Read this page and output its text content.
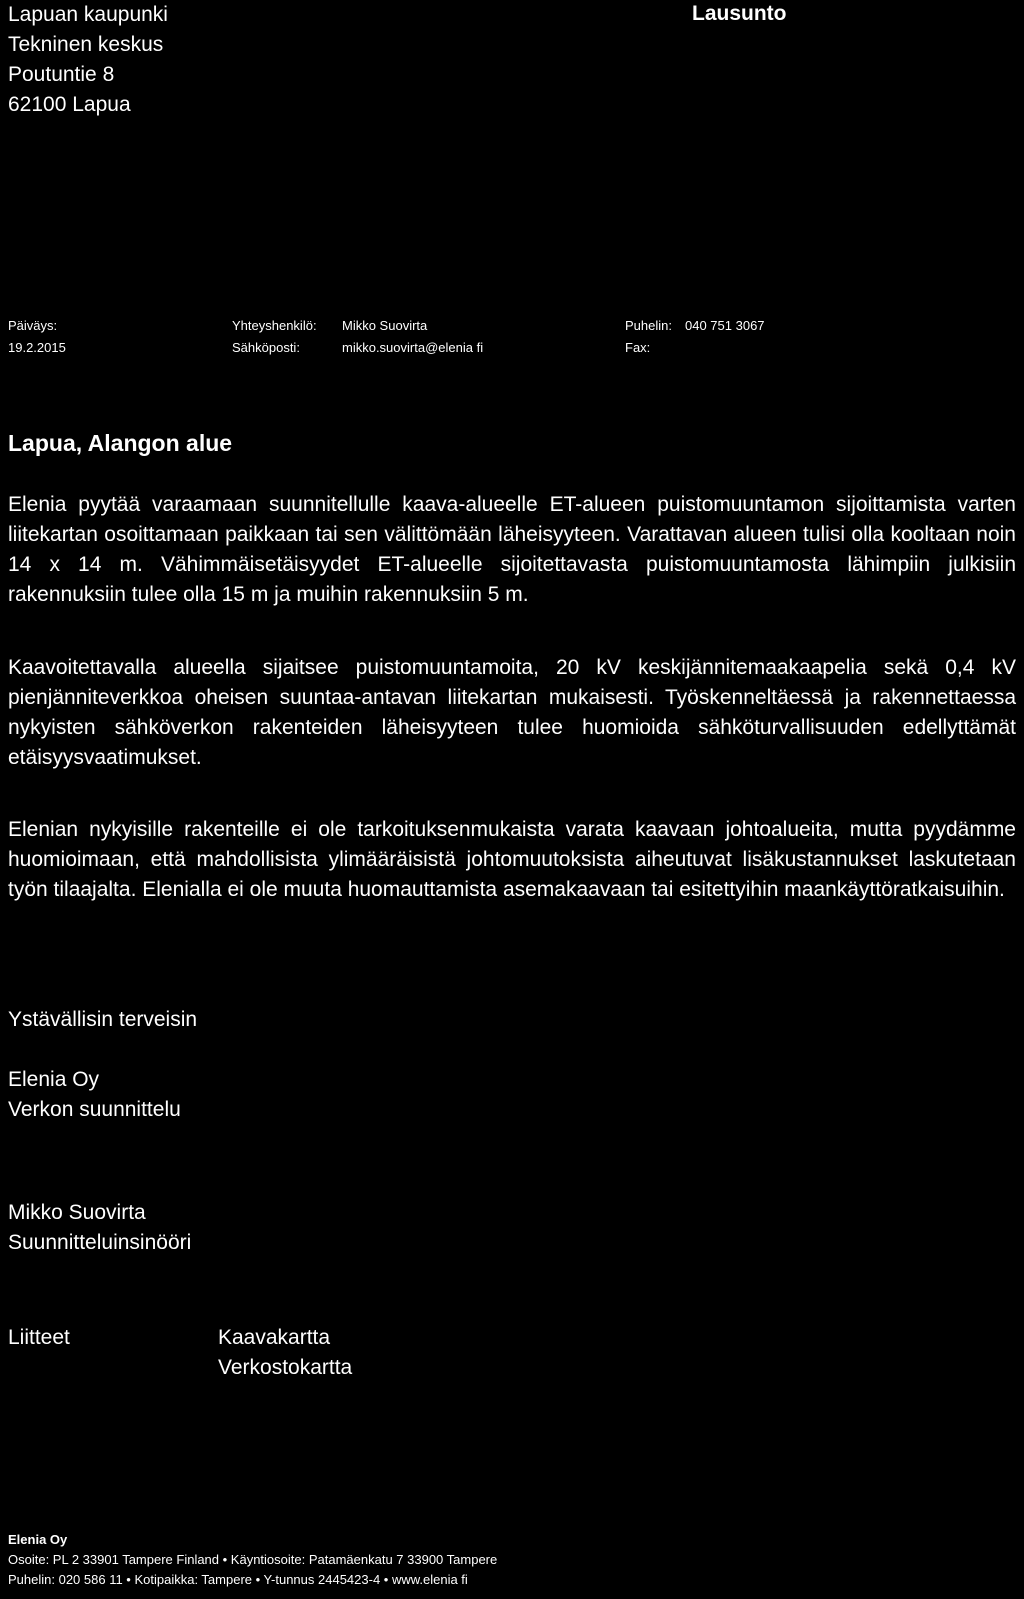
Lapuan kaupunki
Tekninen keskus
Poutuntie 8
62100 Lapua
Lausunto
Päiväys:
19.2.2015
Yhteyshenkilö:
Sähköposti:
Mikko Suovirta
mikko.suovirta@elenia fi
Puhelin:
Fax:
040 751 3067
Lapua, Alangon alue

Elenia pyytää varaamaan suunnitellulle kaava-alueelle ET-alueen puistomuuntamon sijoittamista varten liitekartan osoittamaan paikkaan tai sen välittömään läheisyyteen. Varattavan alueen tulisi olla kooltaan noin 14 x 14 m. Vähimmäisetäisyydet ET-alueelle sijoitettavasta puistomuuntamosta lähimpiin julkisiin rakennuksiin tulee olla 15 m ja muihin rakennuksiin 5 m.

Kaavoitettavalla alueella sijaitsee puistomuuntamoita, 20 kV keskijännitemaakaapelia sekä 0,4 kV pienjänniteverkkoa oheisen suuntaa-antavan liitekartan mukaisesti. Työskenneltäessä ja rakennettaessa nykyisten sähköverkon rakenteiden läheisyyteen tulee huomioida sähköturvallisuuden edellyttämät etäisyysvaatimukset.

Elenian nykyisille rakenteille ei ole tarkoituksenmukaista varata kaavaan johtoalueita, mutta pyydämme huomioimaan, että mahdollisista ylimääräisistä johtomuutoksista aiheutuvat lisäkustannukset laskutetaan työn tilaajalta. Elenialla ei ole muuta huomauttamista asemakaavaan tai esitettyihin maankäyttöratkaisuihin.

Ystävällisin terveisin
Elenia Oy
Verkon suunnittelu
Mikko Suovirta
Suunnitteluinsinööri
Liitteet	Kaavakartta
Verkostokartta
Elenia Oy
Osoite: PL 2 33901 Tampere Finland • Käyntiosoite: Patamäenkatu 7 33900 Tampere
Puhelin: 020 586 11 • Kotipaikka: Tampere • Y-tunnus 2445423-4 • www.elenia fi
